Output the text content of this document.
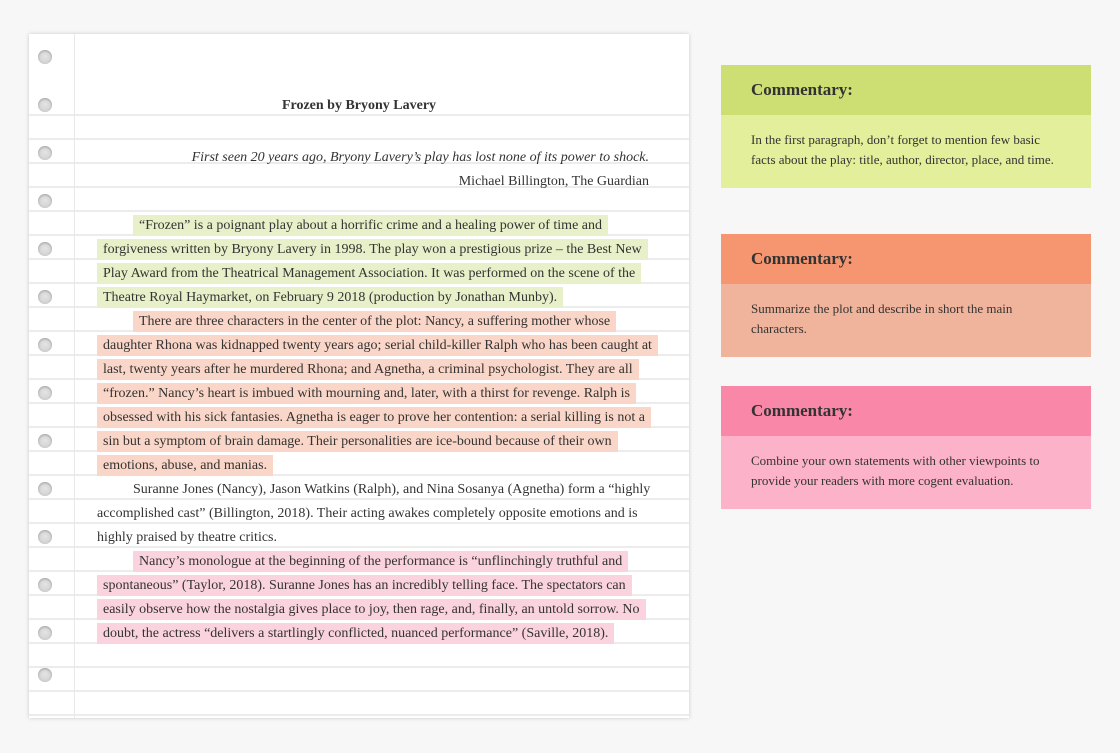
Frozen by Bryony Lavery
First seen 20 years ago, Bryony Lavery’s play has lost none of its power to shock.
Michael Billington, The Guardian
“Frozen” is a poignant play about a horrific crime and a healing power of time and forgiveness written by Bryony Lavery in 1998. The play won a prestigious prize – the Best New Play Award from the Theatrical Management Association. It was performed on the scene of the Theatre Royal Haymarket, on February 9 2018 (production by Jonathan Munby).
There are three characters in the center of the plot: Nancy, a suffering mother whose daughter Rhona was kidnapped twenty years ago; serial child-killer Ralph who has been caught at last, twenty years after he murdered Rhona; and Agnetha, a criminal psychologist. They are all “frozen.” Nancy’s heart is imbued with mourning and, later, with a thirst for revenge. Ralph is obsessed with his sick fantasies. Agnetha is eager to prove her contention: a serial killing is not a sin but a symptom of brain damage. Their personalities are ice-bound because of their own emotions, abuse, and manias.
Suranne Jones (Nancy), Jason Watkins (Ralph), and Nina Sosanya (Agnetha) form a “highly accomplished cast” (Billington, 2018). Their acting awakes completely opposite emotions and is highly praised by theatre critics.
Nancy’s monologue at the beginning of the performance is “unflinchingly truthful and spontaneous” (Taylor, 2018). Suranne Jones has an incredibly telling face. The spectators can easily observe how the nostalgia gives place to joy, then rage, and, finally, an untold sorrow. No doubt, the actress “delivers a startlingly conflicted, nuanced performance” (Saville, 2018).
Commentary:
In the first paragraph, don’t forget to mention few basic facts about the play: title, author, director, place, and time.
Commentary:
Summarize the plot and describe in short the main characters.
Commentary:
Combine your own statements with other viewpoints to provide your readers with more cogent evaluation.
